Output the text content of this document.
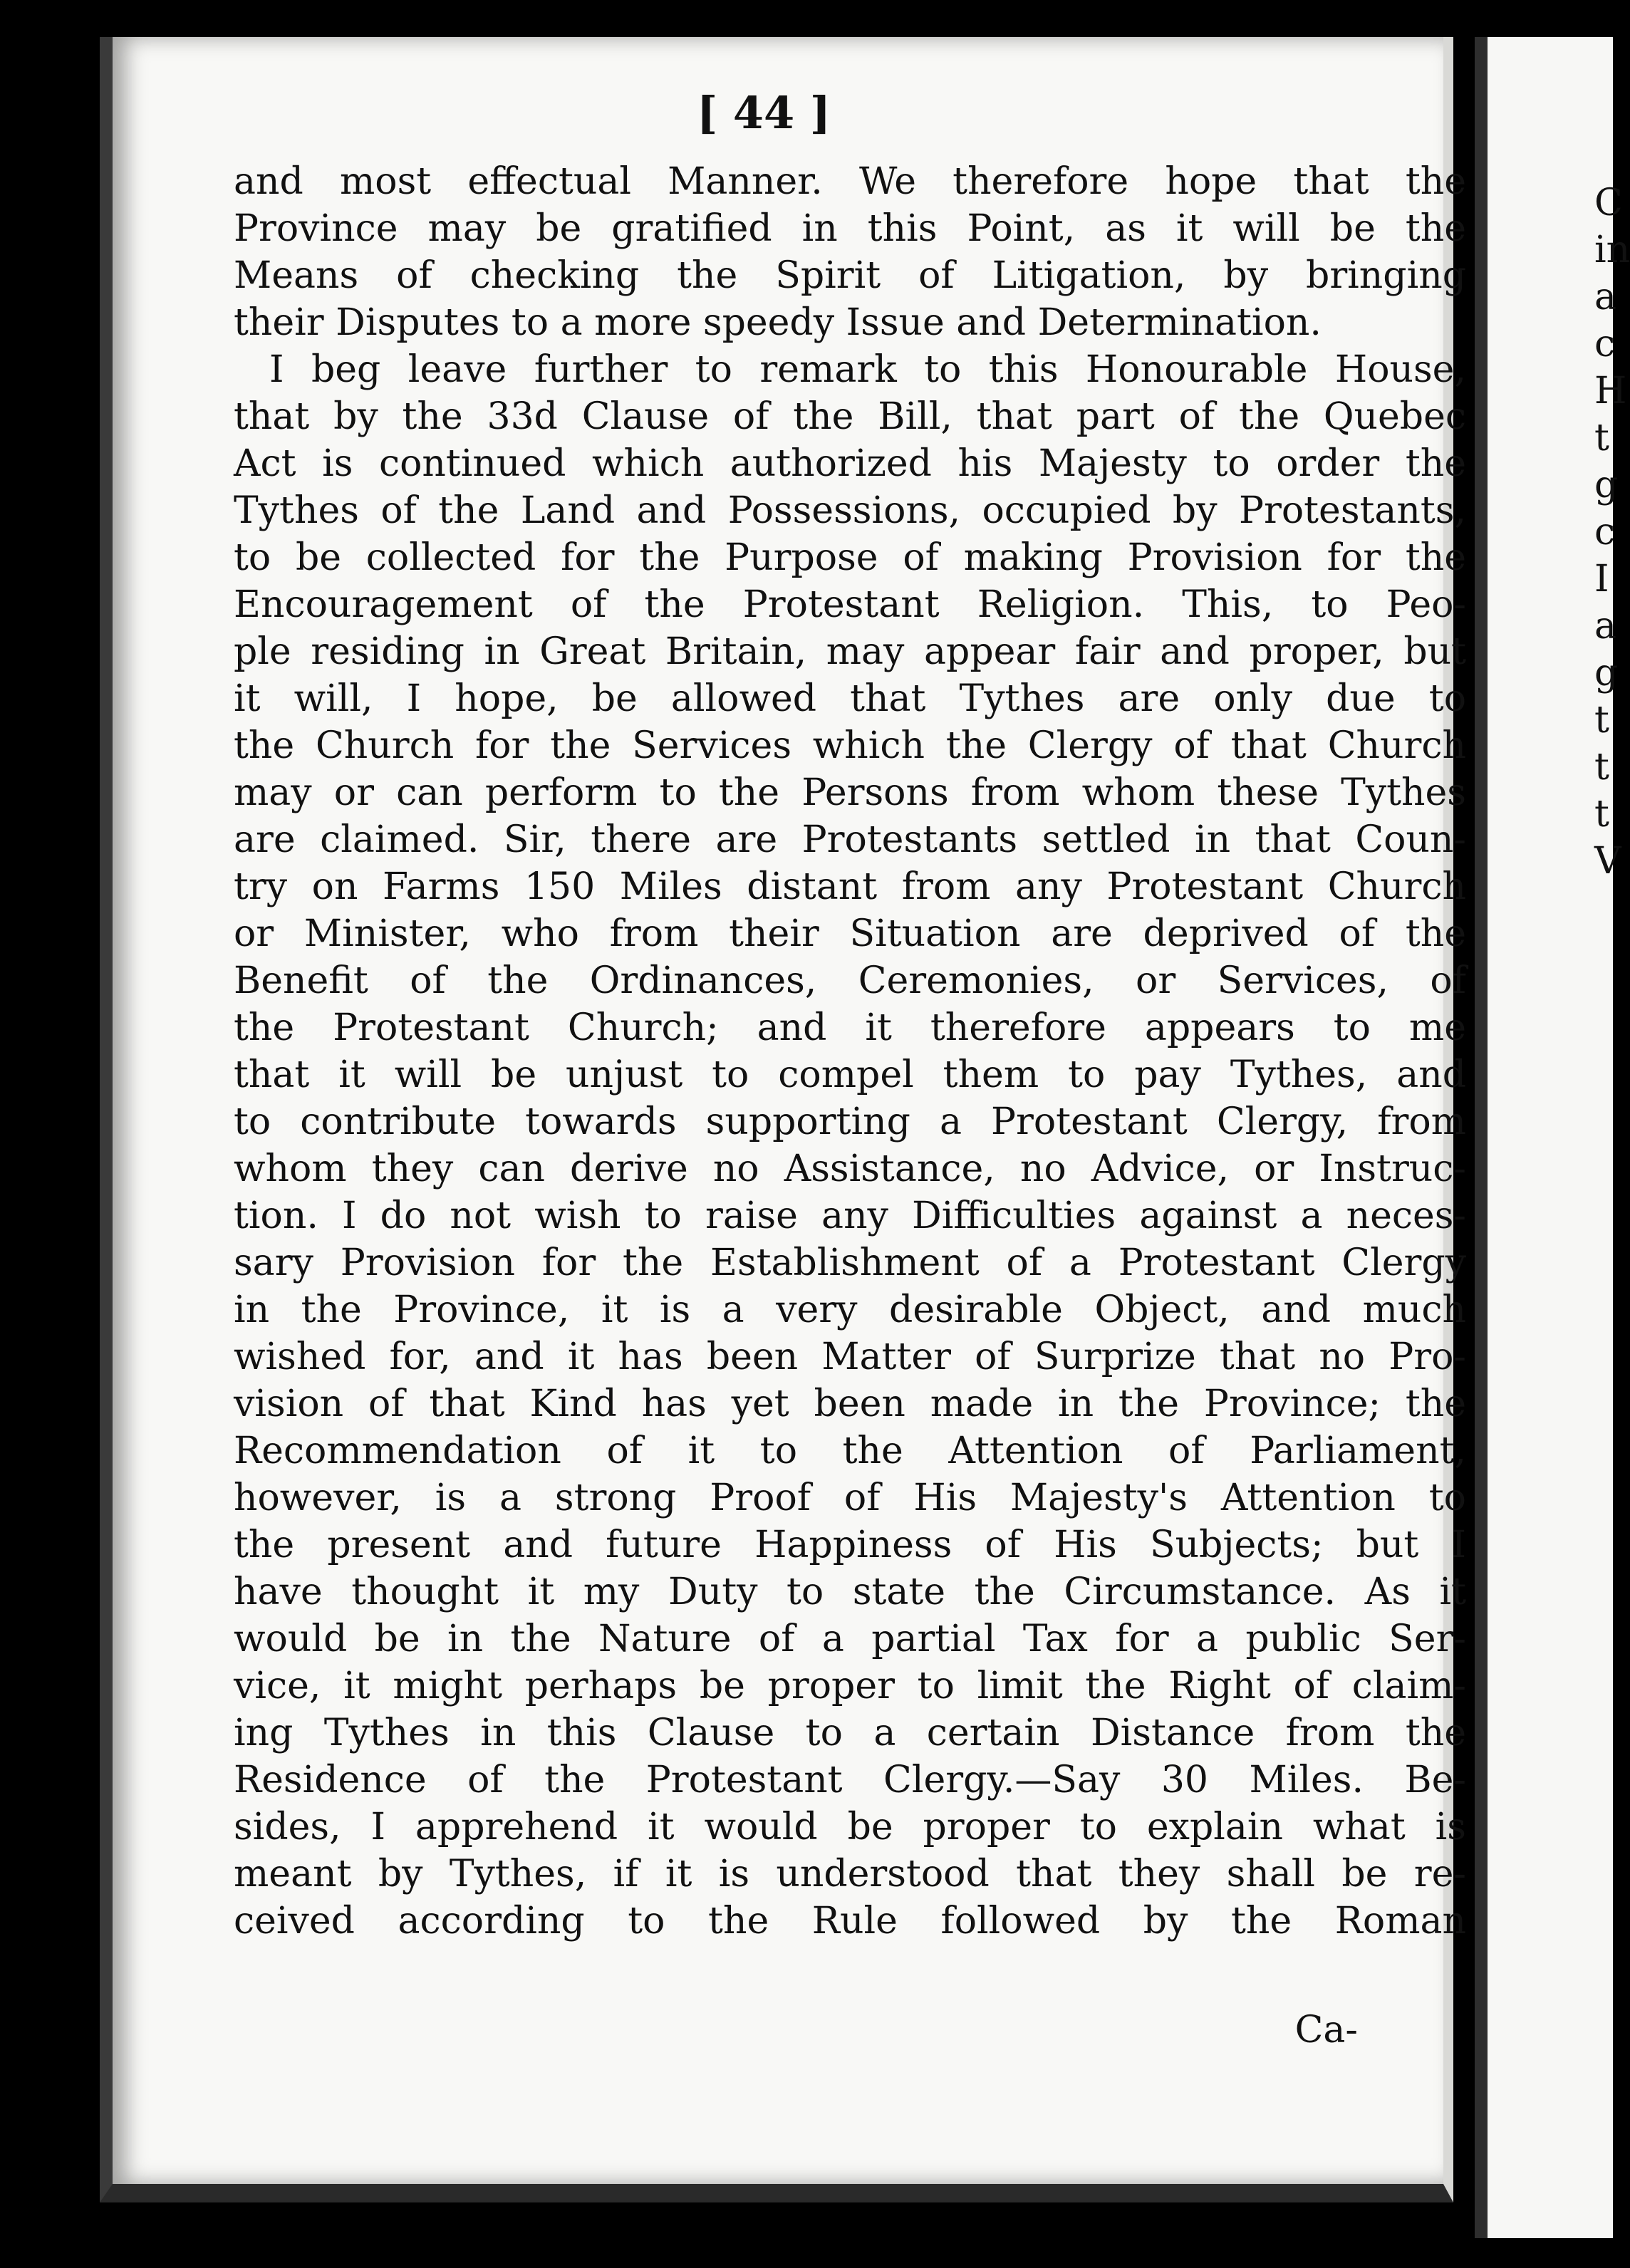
[ 44 ]
and most effectual Manner. We therefore hope that the
Province may be gratified in this Point, as it will be the
Means of checking the Spirit of Litigation, by bringing
their Disputes to a more speedy Issue and Determination.
I beg leave further to remark to this Honourable House,
that by the 33d Clause of the Bill, that part of the Quebec
Act is continued which authorized his Majesty to order the
Tythes of the Land and Possessions, occupied by Protestants,
to be collected for the Purpose of making Provision for the
Encouragement of the Protestant Religion. This, to Peo-
ple residing in Great Britain, may appear fair and proper, but
it will, I hope, be allowed that Tythes are only due to
the Church for the Services which the Clergy of that Church
may or can perform to the Persons from whom these Tythes
are claimed. Sir, there are Protestants settled in that Coun-
try on Farms 150 Miles distant from any Protestant Church
or Minister, who from their Situation are deprived of the
Benefit of the Ordinances, Ceremonies, or Services, of
the Protestant Church; and it therefore appears to me
that it will be unjust to compel them to pay Tythes, and
to contribute towards supporting a Protestant Clergy, from
whom they can derive no Assistance, no Advice, or Instruc-
tion. I do not wish to raise any Difficulties against a neces-
sary Provision for the Establishment of a Protestant Clergy
in the Province, it is a very desirable Object, and much
wished for, and it has been Matter of Surprize that no Pro-
vision of that Kind has yet been made in the Province; the
Recommendation of it to the Attention of Parliament,
however, is a strong Proof of His Majesty's Attention to
the present and future Happiness of His Subjects; but I
have thought it my Duty to state the Circumstance. As it
would be in the Nature of a partial Tax for a public Ser-
vice, it might perhaps be proper to limit the Right of claim-
ing Tythes in this Clause to a certain Distance from the
Residence of the Protestant Clergy.—Say 30 Miles. Be-
sides, I apprehend it would be proper to explain what is
meant by Tythes, if it is understood that they shall be re-
ceived according to the Rule followed by the Roman
Ca-
C
in
a
c
H
t
g
c
I
a
g
t
t
t
V
